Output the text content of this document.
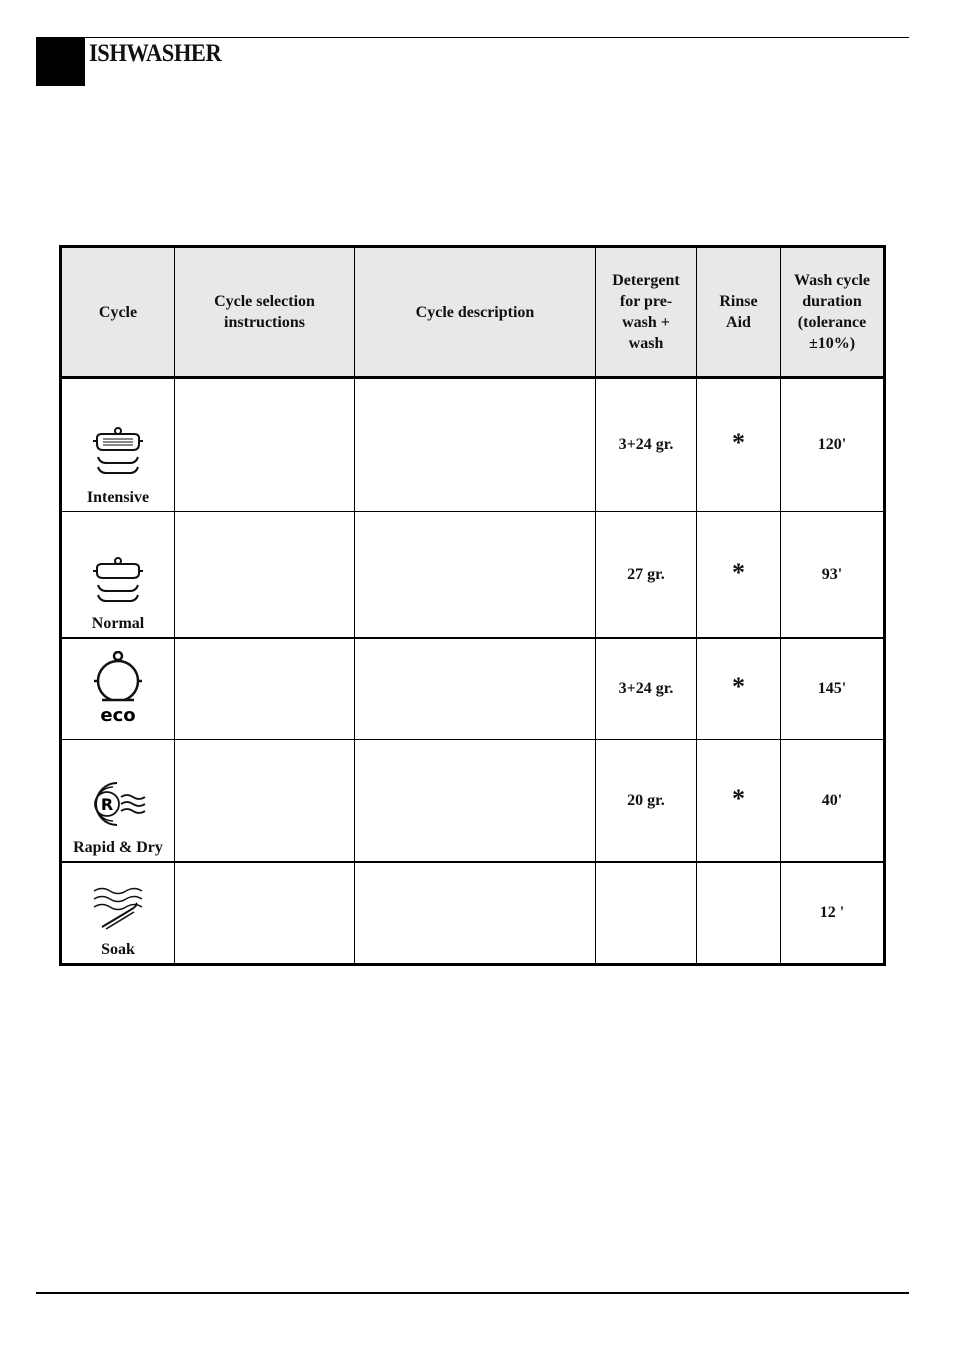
ISHWASHER
Cycle	Cycle selection instructions	Cycle description	Detergent for pre-wash + wash	Rinse Aid	Wash cycle duration (tolerance ±10%)

Intensive			3+24 gr.	*	120'

Normal			27 gr.	*	93'

eco			3+24 gr.	*	145'

R
Rapid & Dry			20 gr.	*	40'

Soak					12 '
